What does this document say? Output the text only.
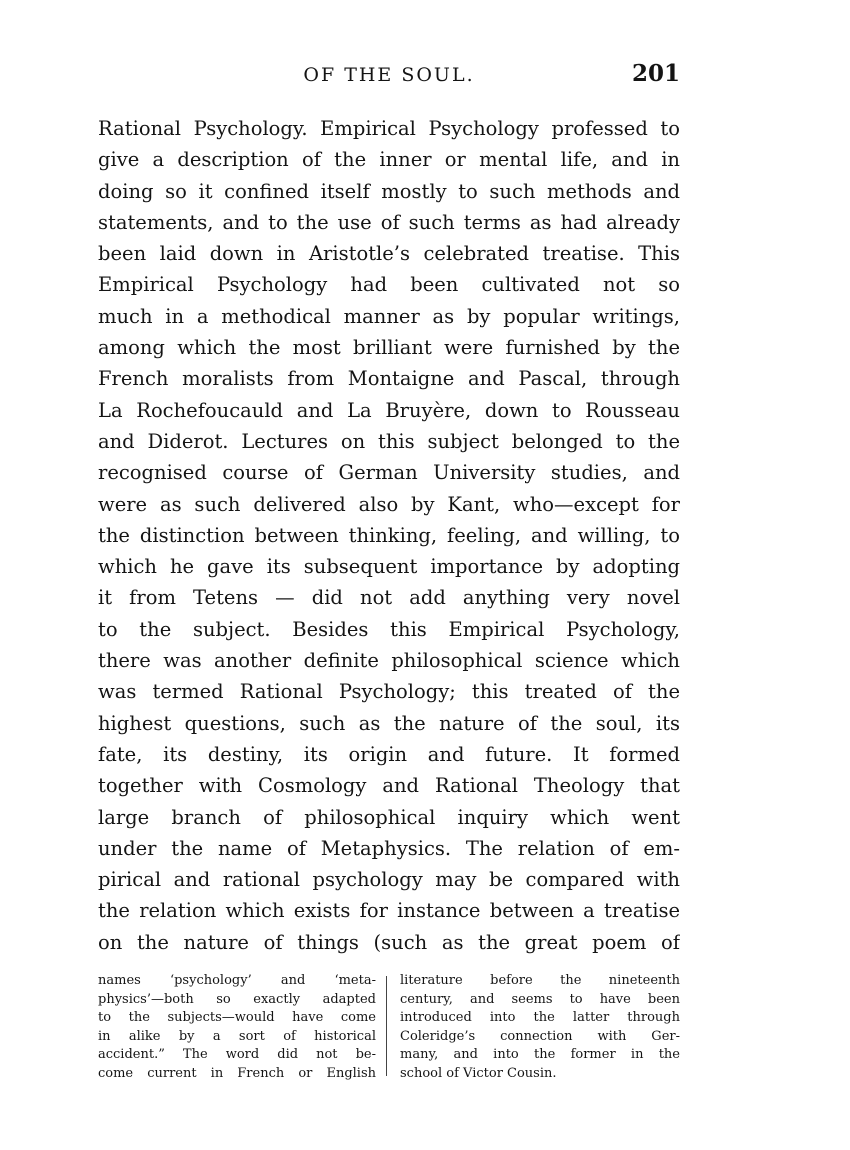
OF THE SOUL.	201
Rational Psychology. Empirical Psychology professed to
give a description of the inner or mental life, and in
doing so it confined itself mostly to such methods and
statements, and to the use of such terms as had already
been laid down in Aristotle’s celebrated treatise. This
Empirical Psychology had been cultivated not so
much in a methodical manner as by popular writings,
among which the most brilliant were furnished by the
French moralists from Montaigne and Pascal, through
La Rochefoucauld and La Bruyère, down to Rousseau
and Diderot. Lectures on this subject belonged to the
recognised course of German University studies, and
were as such delivered also by Kant, who—except for
the distinction between thinking, feeling, and willing, to
which he gave its subsequent importance by adopting
it from Tetens — did not add anything very novel
to the subject. Besides this Empirical Psychology,
there was another definite philosophical science which
was termed Rational Psychology; this treated of the
highest questions, such as the nature of the soul, its
fate, its destiny, its origin and future. It formed
together with Cosmology and Rational Theology that
large branch of philosophical inquiry which went
under the name of Metaphysics. The relation of em-
pirical and rational psychology may be compared with
the relation which exists for instance between a treatise
on the nature of things (such as the great poem of
names ‘psychology’ and ‘meta-
physics’—both so exactly adapted
to the subjects—would have come
in alike by a sort of historical
accident.” The word did not be-
come current in French or English
literature before the nineteenth
century, and seems to have been
introduced into the latter through
Coleridge’s connection with Ger-
many, and into the former in the
school of Victor Cousin.
